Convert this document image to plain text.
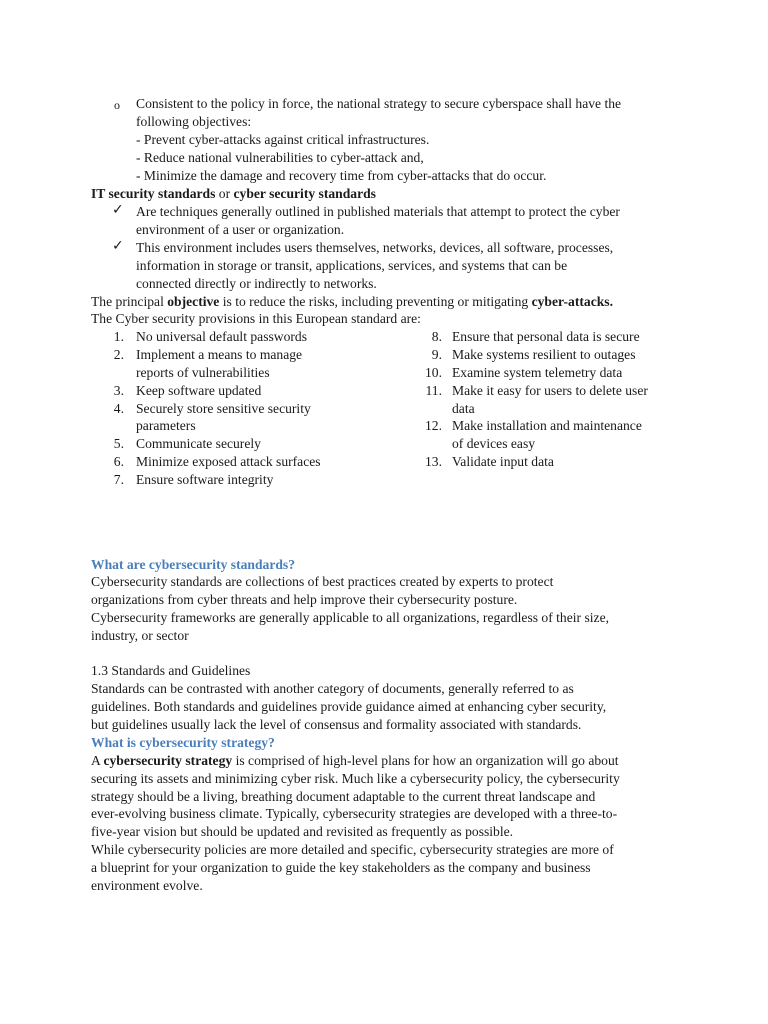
o Consistent to the policy in force, the national strategy to secure cyberspace shall have the
following objectives:
- Prevent cyber-attacks against critical infrastructures.
- Reduce national vulnerabilities to cyber-attack and,
- Minimize the damage and recovery time from cyber-attacks that do occur.
IT security standards or cyber security standards
✓ Are techniques generally outlined in published materials that attempt to protect the cyber
environment of a user or organization.
✓ This environment includes users themselves, networks, devices, all software, processes,
information in storage or transit, applications, services, and systems that can be
connected directly or indirectly to networks.
The principal objective is to reduce the risks, including preventing or mitigating cyber-attacks.
The Cyber security provisions in this European standard are:
1. No universal default passwords
2. Implement a means to manage
reports of vulnerabilities
3. Keep software updated
4. Securely store sensitive security
parameters
5. Communicate securely
6. Minimize exposed attack surfaces
7. Ensure software integrity
8. Ensure that personal data is secure
9. Make systems resilient to outages
10. Examine system telemetry data
11. Make it easy for users to delete user
data
12. Make installation and maintenance
of devices easy
13. Validate input data
What are cybersecurity standards?
Cybersecurity standards are collections of best practices created by experts to protect
organizations from cyber threats and help improve their cybersecurity posture.
Cybersecurity frameworks are generally applicable to all organizations, regardless of their size,
industry, or sector
1.3 Standards and Guidelines
Standards can be contrasted with another category of documents, generally referred to as
guidelines. Both standards and guidelines provide guidance aimed at enhancing cyber security,
but guidelines usually lack the level of consensus and formality associated with standards.
What is cybersecurity strategy?
A cybersecurity strategy is comprised of high-level plans for how an organization will go about
securing its assets and minimizing cyber risk. Much like a cybersecurity policy, the cybersecurity
strategy should be a living, breathing document adaptable to the current threat landscape and
ever-evolving business climate. Typically, cybersecurity strategies are developed with a three-to-
five-year vision but should be updated and revisited as frequently as possible.
While cybersecurity policies are more detailed and specific, cybersecurity strategies are more of
a blueprint for your organization to guide the key stakeholders as the company and business
environment evolve.
